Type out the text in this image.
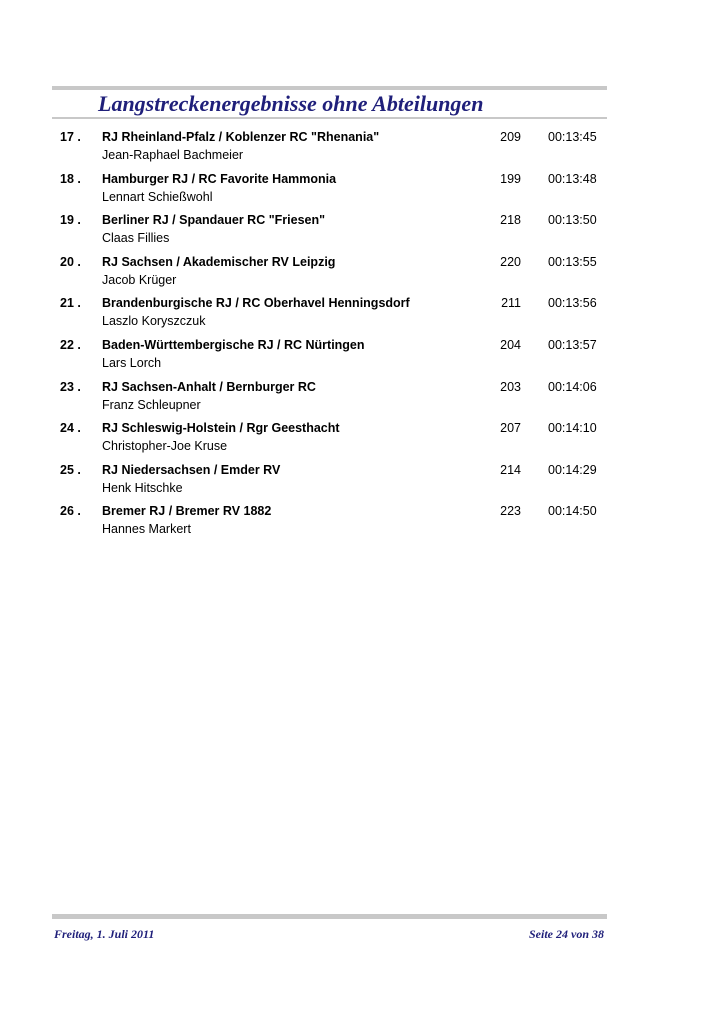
Langstreckenergebnisse ohne Abteilungen
17 . RJ Rheinland-Pfalz / Koblenzer RC "Rhenania"
Jean-Raphael Bachmeier
209 00:13:45
18 . Hamburger RJ / RC Favorite Hammonia
Lennart Schießwohl
199 00:13:48
19 . Berliner RJ / Spandauer RC "Friesen"
Claas Fillies
218 00:13:50
20 . RJ Sachsen / Akademischer RV Leipzig
Jacob Krüger
220 00:13:55
21 . Brandenburgische RJ / RC Oberhavel Henningsdorf
Laszlo Koryszczuk
211 00:13:56
22 . Baden-Württembergische RJ / RC Nürtingen
Lars Lorch
204 00:13:57
23 . RJ Sachsen-Anhalt / Bernburger RC
Franz Schleupner
203 00:14:06
24 . RJ Schleswig-Holstein / Rgr Geesthacht
Christopher-Joe Kruse
207 00:14:10
25 . RJ Niedersachsen / Emder RV
Henk Hitschke
214 00:14:29
26 . Bremer RJ / Bremer RV 1882
Hannes Markert
223 00:14:50
Freitag, 1. Juli 2011	Seite 24 von 38
